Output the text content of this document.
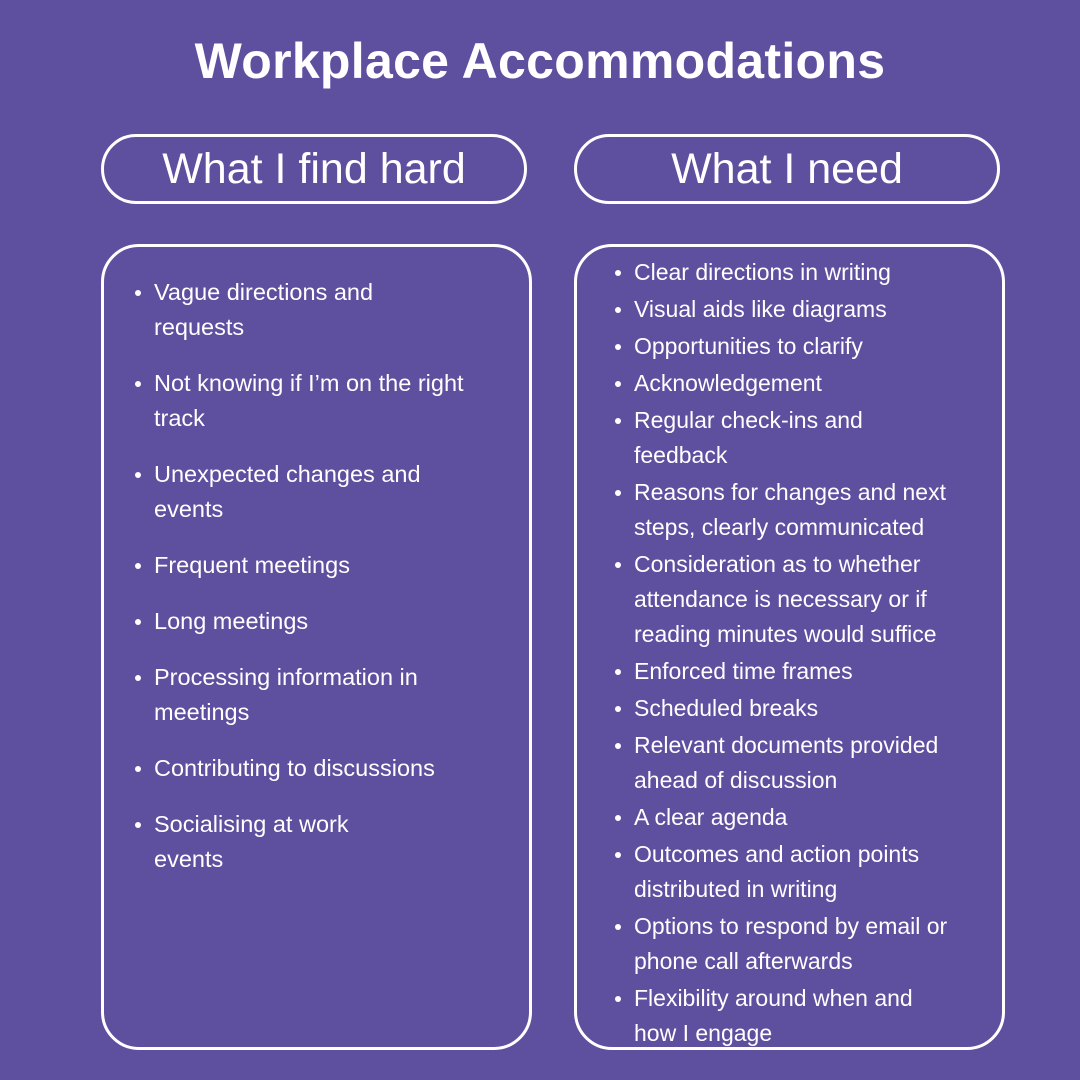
Workplace Accommodations
What I find hard	What I need
Vague directions and
requests
Not knowing if I’m on the right
track
Unexpected changes and
events
Frequent meetings
Long meetings
Processing information in
meetings
Contributing to discussions
Socialising at work
events
Clear directions in writing
Visual aids like diagrams
Opportunities to clarify
Acknowledgement
Regular check-ins and
feedback
Reasons for changes and next
steps, clearly communicated
Consideration as to whether
attendance is necessary or if
reading minutes would suffice
Enforced time frames
Scheduled breaks
Relevant documents provided
ahead of discussion
A clear agenda
Outcomes and action points
distributed in writing
Options to respond by email or
phone call afterwards
Flexibility around when and
how I engage
